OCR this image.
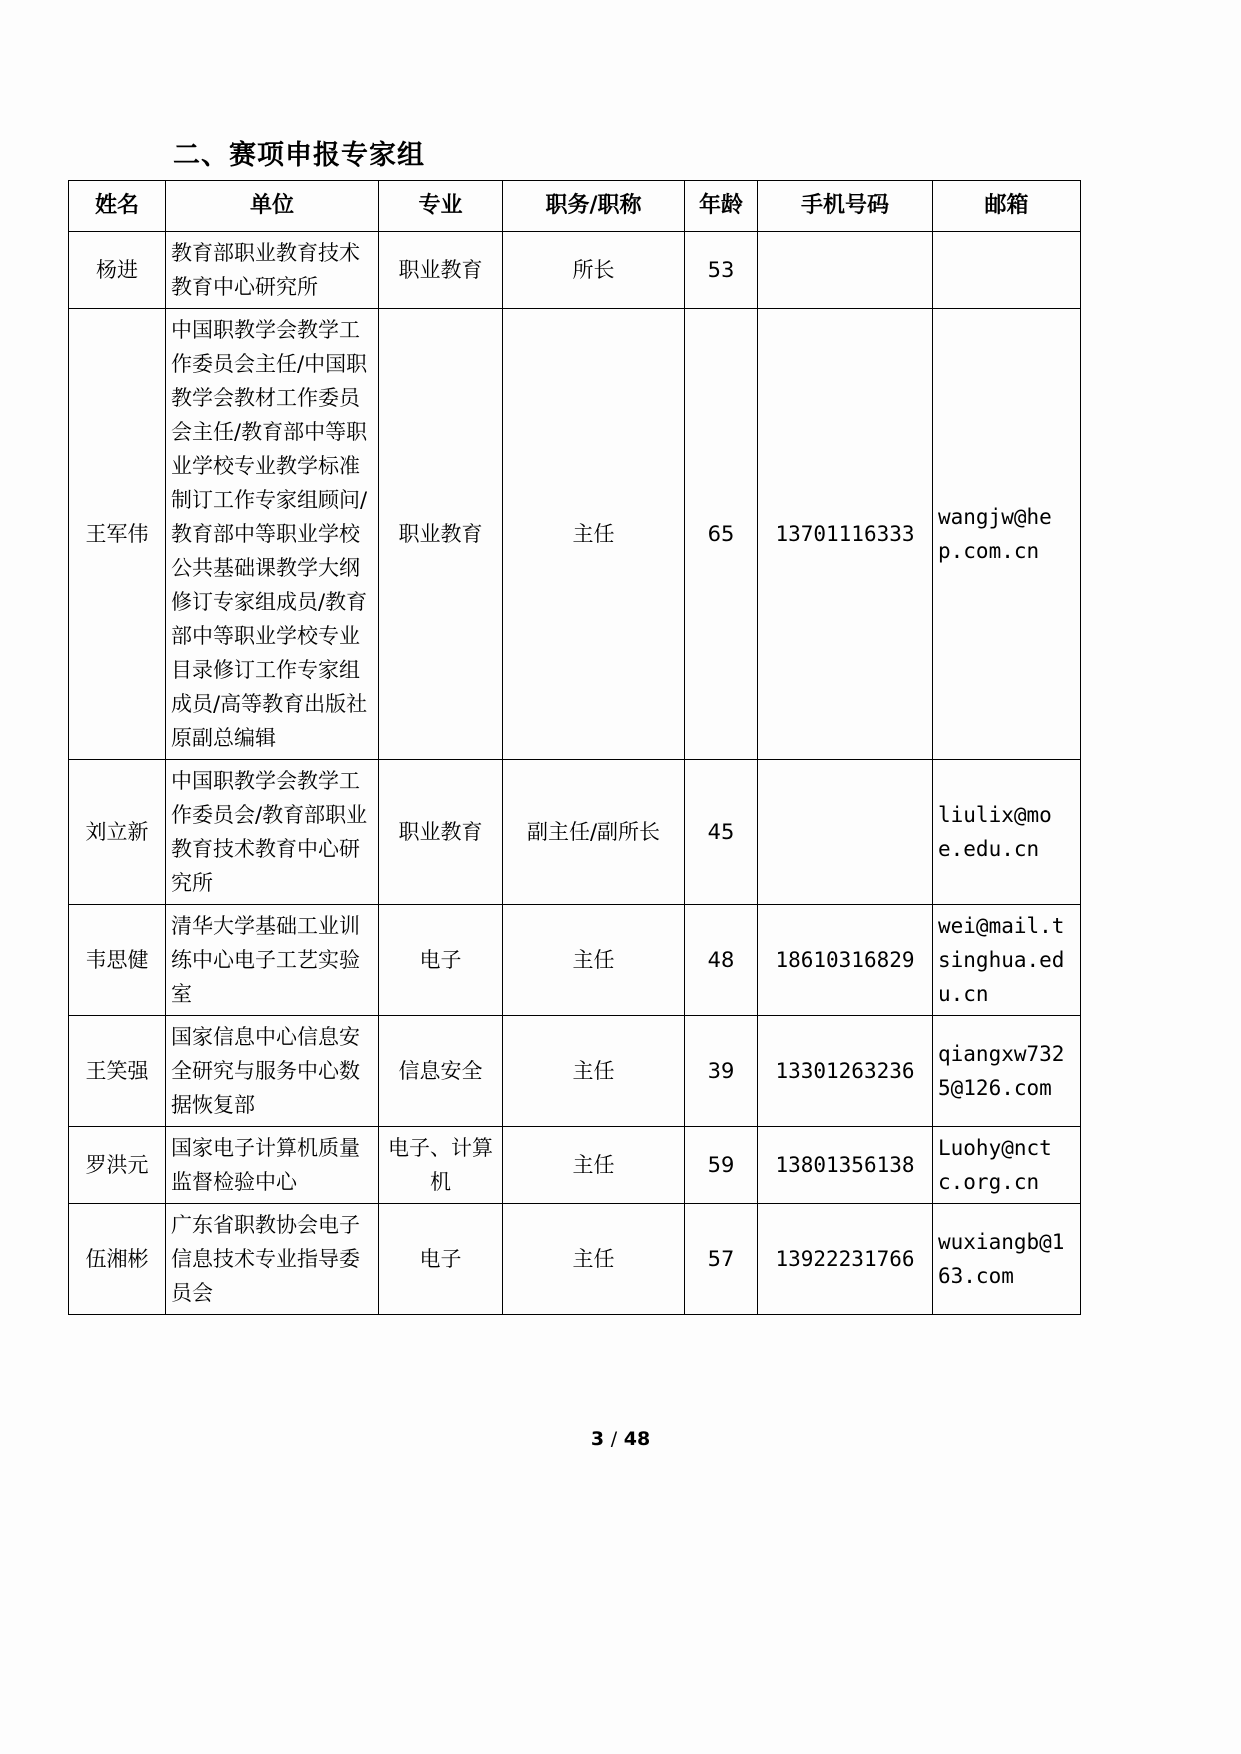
二、赛项申报专家组
姓名	单位	专业	职务/职称	年龄	手机号码	邮箱
杨进	教育部职业教育技术教育中心研究所	职业教育	所长	53		
王军伟	中国职教学会教学工作委员会主任/中国职教学会教材工作委员会主任/教育部中等职业学校专业教学标准制订工作专家组顾问/教育部中等职业学校公共基础课教学大纲修订专家组成员/教育部中等职业学校专业目录修订工作专家组成员/高等教育出版社原副总编辑	职业教育	主任	65	13701116333	wangjw@hep.com.cn
刘立新	中国职教学会教学工作委员会/教育部职业教育技术教育中心研究所	职业教育	副主任/副所长	45		liulix@moe.edu.cn
韦思健	清华大学基础工业训练中心电子工艺实验室	电子	主任	48	18610316829	wei@mail.tsinghua.edu.cn
王笑强	国家信息中心信息安全研究与服务中心数据恢复部	信息安全	主任	39	13301263236	qiangxw7325@126.com
罗洪元	国家电子计算机质量监督检验中心	电子、计算机	主任	59	13801356138	Luohy@nctc.org.cn
伍湘彬	广东省职教协会电子信息技术专业指导委员会	电子	主任	57	13922231766	wuxiangb@163.com
3 / 48
